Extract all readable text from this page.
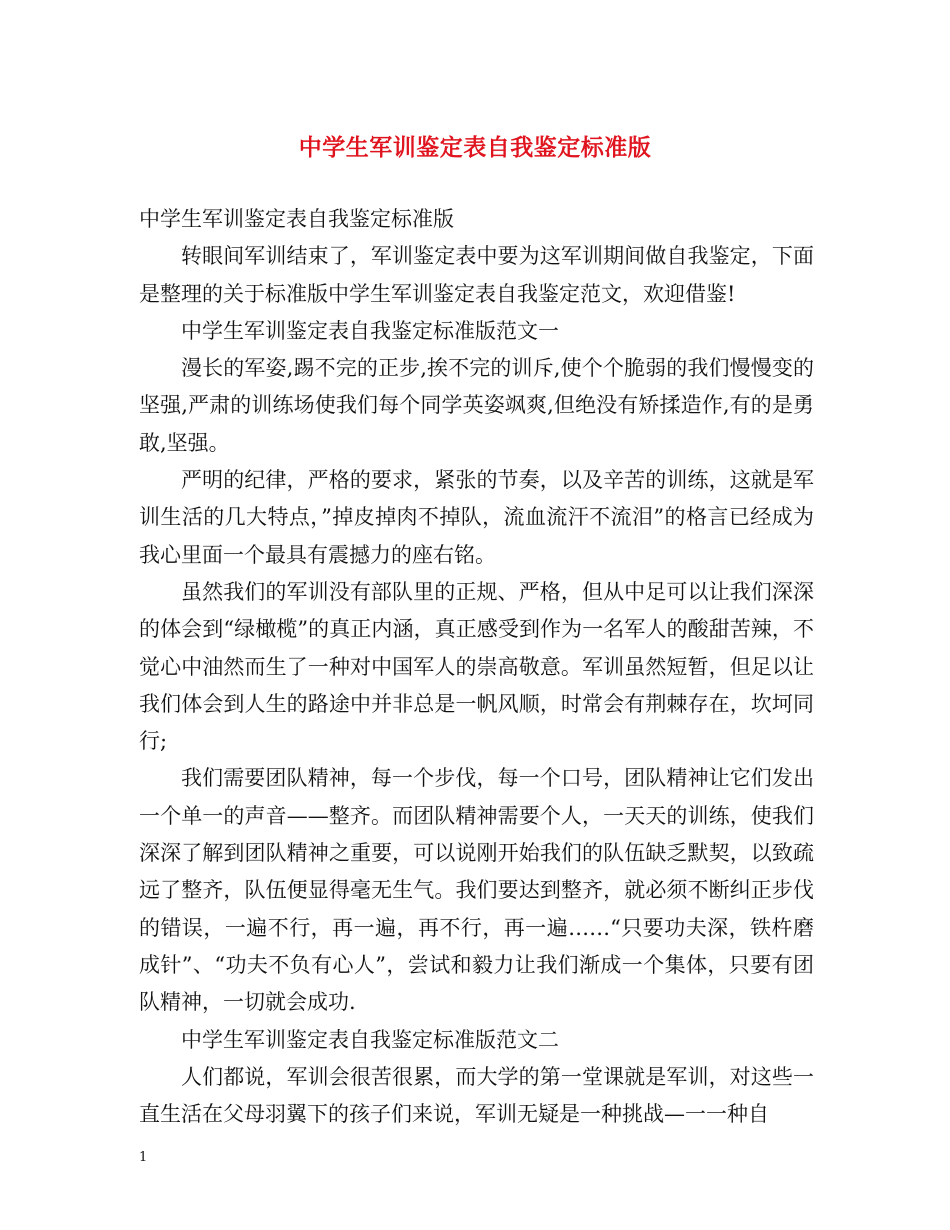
中学生军训鉴定表自我鉴定标准版

中学生军训鉴定表自我鉴定标准版

转眼间军训结束了，军训鉴定表中要为这军训期间做自我鉴定，下面是整理的关于标准版中学生军训鉴定表自我鉴定范文，欢迎借鉴!

中学生军训鉴定表自我鉴定标准版范文一

漫长的军姿,踢不完的正步,挨不完的训斥,使个个脆弱的我们慢慢变的坚强,严肃的训练场使我们每个同学英姿飒爽,但绝没有矫揉造作,有的是勇敢,坚强。

严明的纪律，严格的要求，紧张的节奏，以及辛苦的训练，这就是军训生活的几大特点，”掉皮掉肉不掉队，流血流汗不流泪”的格言已经成为我心里面一个最具有震撼力的座右铭。

虽然我们的军训没有部队里的正规、严格，但从中足可以让我们深深的体会到“绿橄榄”的真正内涵，真正感受到作为一名军人的酸甜苦辣，不觉心中油然而生了一种对中国军人的崇高敬意。军训虽然短暂，但足以让我们体会到人生的路途中并非总是一帆风顺，时常会有荆棘存在，坎坷同行;

我们需要团队精神，每一个步伐，每一个口号，团队精神让它们发出一个单一的声音——整齐。而团队精神需要个人，一天天的训练，使我们深深了解到团队精神之重要，可以说刚开始我们的队伍缺乏默契，以致疏远了整齐，队伍便显得毫无生气。我们要达到整齐，就必须不断纠正步伐的错误，一遍不行，再一遍，再不行，再一遍……“只要功夫深，铁杵磨成针”、“功夫不负有心人”，尝试和毅力让我们渐成一个集体，只要有团队精神，一切就会成功.

中学生军训鉴定表自我鉴定标准版范文二

人们都说，军训会很苦很累，而大学的第一堂课就是军训，对这些一直生活在父母羽翼下的孩子们来说，军训无疑是一种挑战—一一种自

1
